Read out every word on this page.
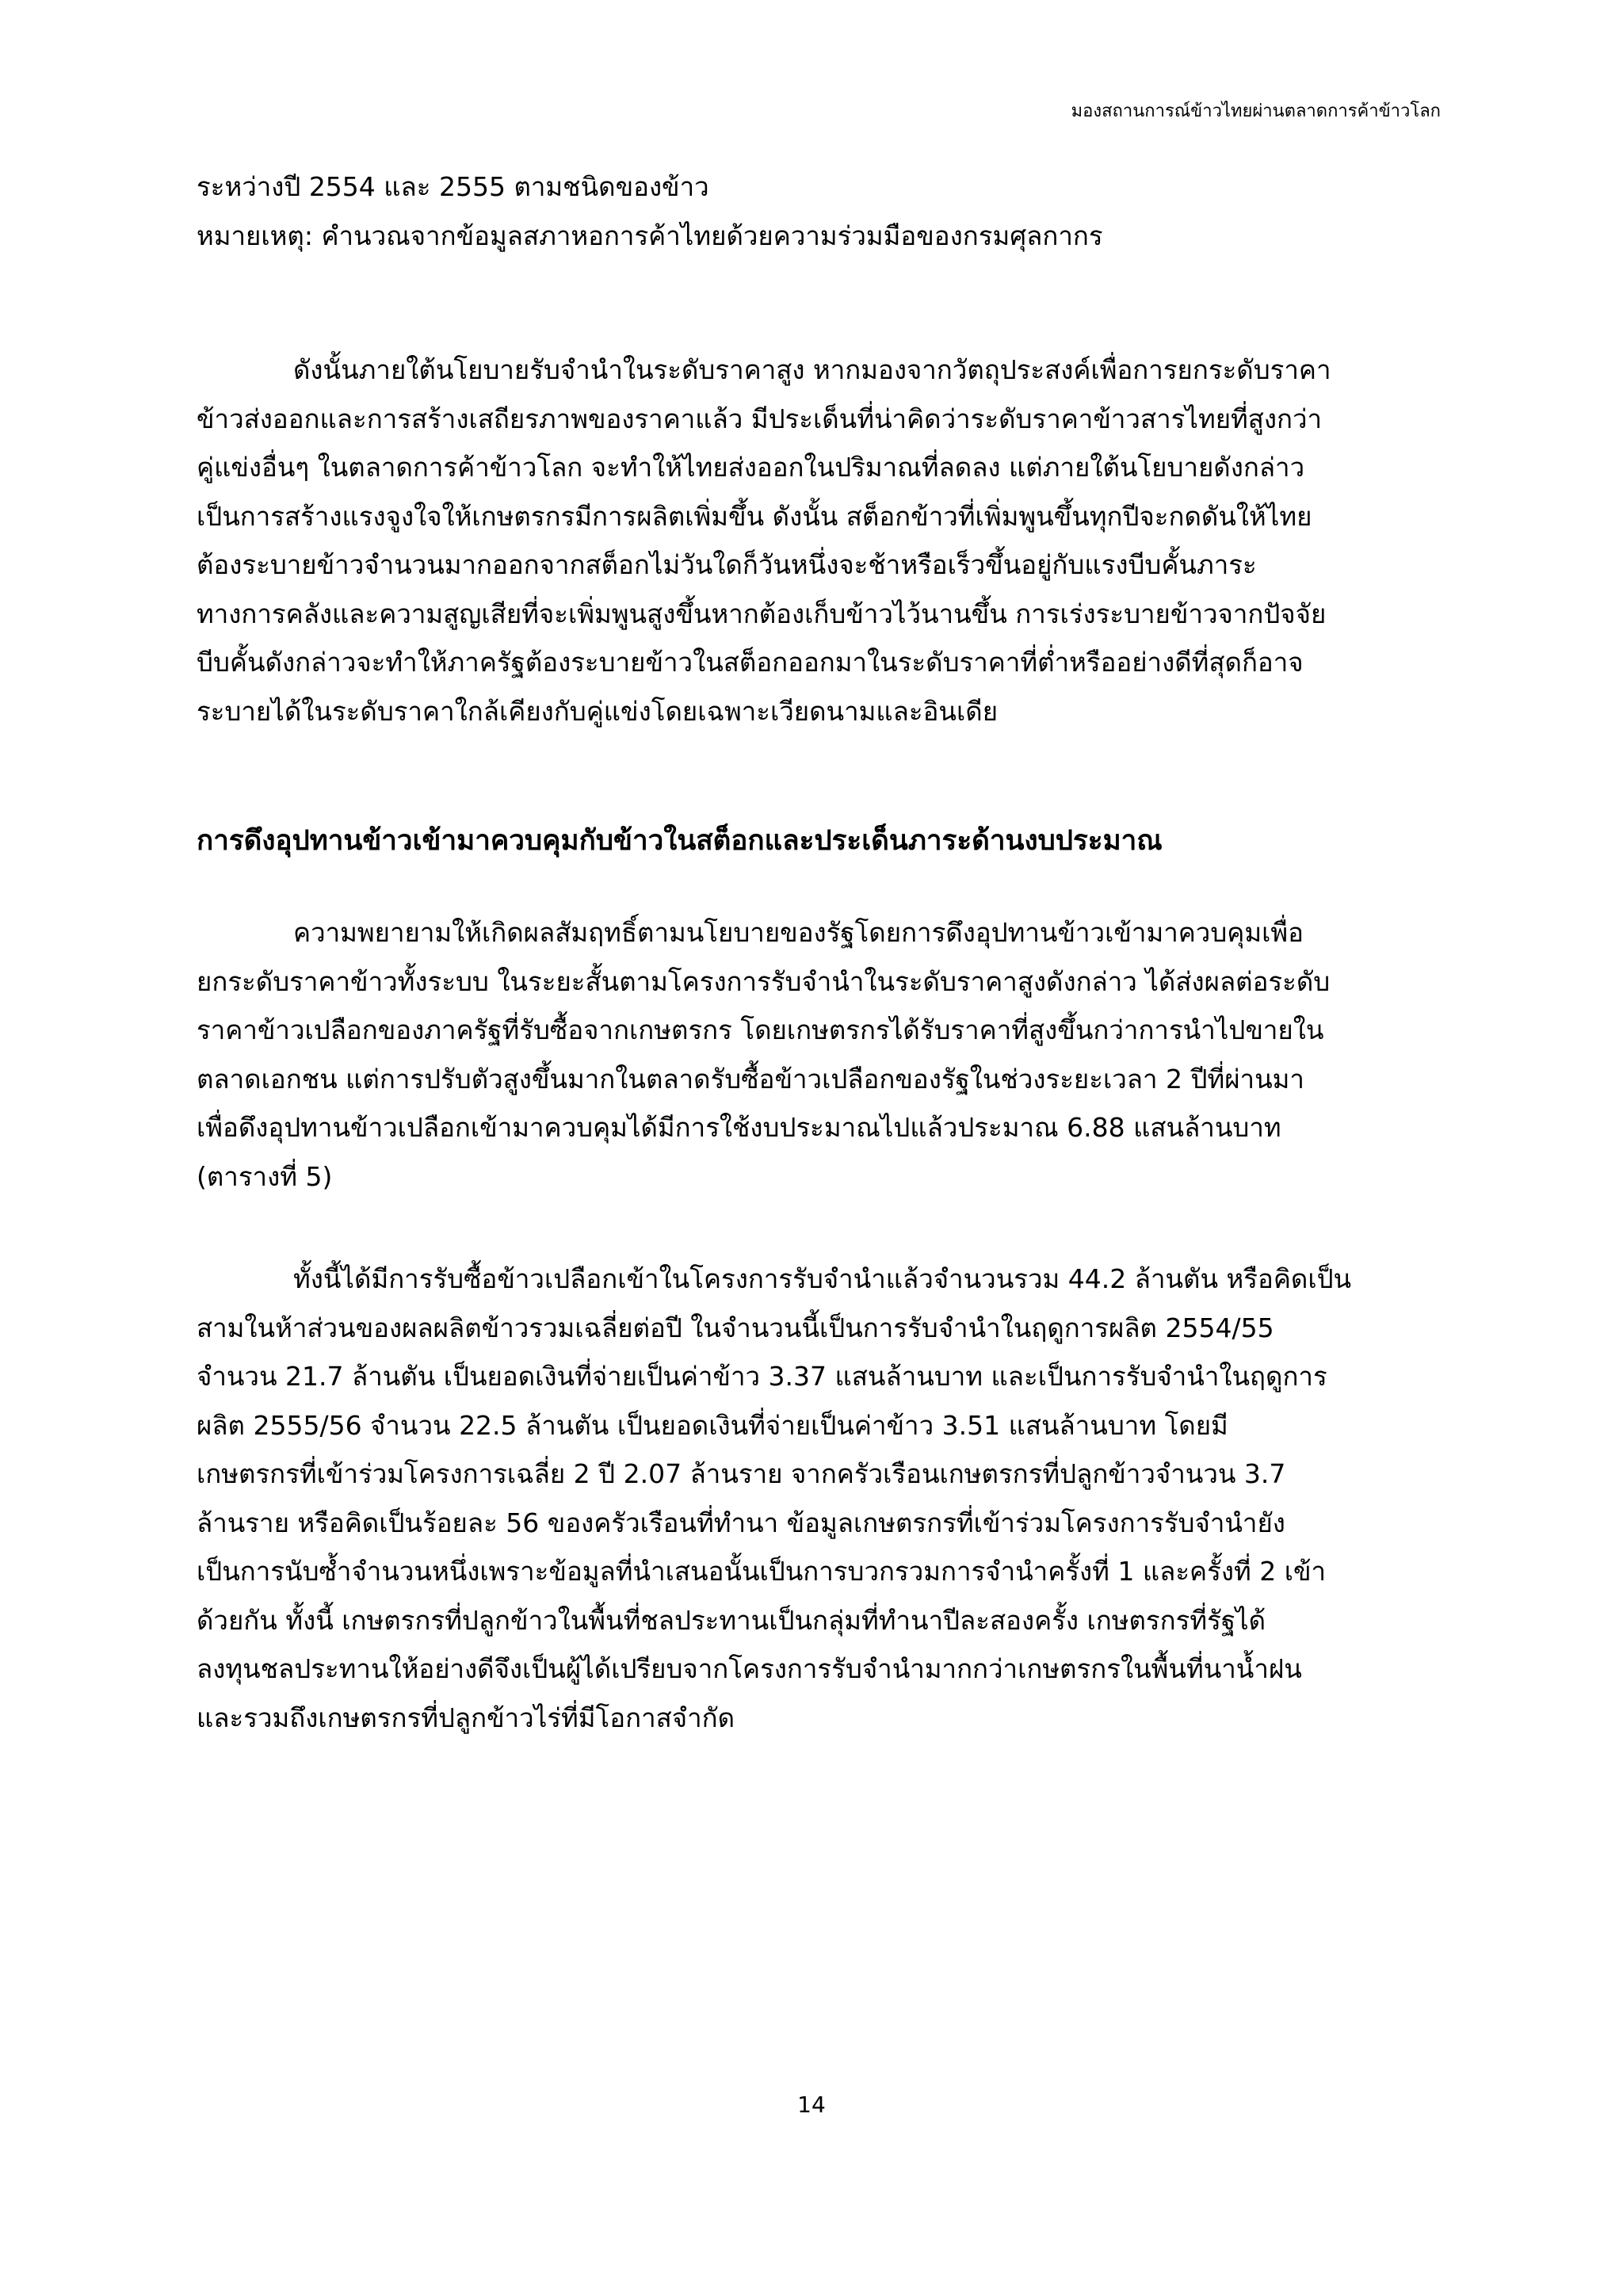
มองสถานการณ์ข้าวไทยผ่านตลาดการค้าข้าวโลก
ระหว่างปี 2554 และ 2555 ตามชนิดของข้าว
หมายเหตุ: คำนวณจากข้อมูลสภาหอการค้าไทยด้วยความร่วมมือของกรมศุลกากร
ดังนั้นภายใต้นโยบายรับจำนำในระดับราคาสูง หากมองจากวัตถุประสงค์เพื่อการยกระดับราคา
ข้าวส่งออกและการสร้างเสถียรภาพของราคาแล้ว มีประเด็นที่น่าคิดว่าระดับราคาข้าวสารไทยที่สูงกว่า
คู่แข่งอื่นๆ ในตลาดการค้าข้าวโลก จะทำให้ไทยส่งออกในปริมาณที่ลดลง แต่ภายใต้นโยบายดังกล่าว
เป็นการสร้างแรงจูงใจให้เกษตรกรมีการผลิตเพิ่มขึ้น ดังนั้น สต็อกข้าวที่เพิ่มพูนขึ้นทุกปีจะกดดันให้ไทย
ต้องระบายข้าวจำนวนมากออกจากสต็อกไม่วันใดก็วันหนึ่งจะช้าหรือเร็วขึ้นอยู่กับแรงบีบคั้นภาระ
ทางการคลังและความสูญเสียที่จะเพิ่มพูนสูงขึ้นหากต้องเก็บข้าวไว้นานขึ้น การเร่งระบายข้าวจากปัจจัย
บีบคั้นดังกล่าวจะทำให้ภาครัฐต้องระบายข้าวในสต็อกออกมาในระดับราคาที่ต่ำหรืออย่างดีที่สุดก็อาจ
ระบายได้ในระดับราคาใกล้เคียงกับคู่แข่งโดยเฉพาะเวียดนามและอินเดีย
การดึงอุปทานข้าวเข้ามาควบคุมกับข้าวในสต็อกและประเด็นภาระด้านงบประมาณ
ความพยายามให้เกิดผลสัมฤทธิ์ตามนโยบายของรัฐโดยการดึงอุปทานข้าวเข้ามาควบคุมเพื่อ
ยกระดับราคาข้าวทั้งระบบ ในระยะสั้นตามโครงการรับจำนำในระดับราคาสูงดังกล่าว ได้ส่งผลต่อระดับ
ราคาข้าวเปลือกของภาครัฐที่รับซื้อจากเกษตรกร โดยเกษตรกรได้รับราคาที่สูงขึ้นกว่าการนำไปขายใน
ตลาดเอกชน แต่การปรับตัวสูงขึ้นมากในตลาดรับซื้อข้าวเปลือกของรัฐในช่วงระยะเวลา 2 ปีที่ผ่านมา
เพื่อดึงอุปทานข้าวเปลือกเข้ามาควบคุมได้มีการใช้งบประมาณไปแล้วประมาณ 6.88 แสนล้านบาท
(ตารางที่ 5)
ทั้งนี้ได้มีการรับซื้อข้าวเปลือกเข้าในโครงการรับจำนำแล้วจำนวนรวม 44.2 ล้านตัน หรือคิดเป็น
สามในห้าส่วนของผลผลิตข้าวรวมเฉลี่ยต่อปี ในจำนวนนี้เป็นการรับจำนำในฤดูการผลิต 2554/55
จำนวน 21.7 ล้านตัน เป็นยอดเงินที่จ่ายเป็นค่าข้าว 3.37 แสนล้านบาท และเป็นการรับจำนำในฤดูการ
ผลิต 2555/56 จำนวน 22.5 ล้านตัน เป็นยอดเงินที่จ่ายเป็นค่าข้าว 3.51 แสนล้านบาท โดยมี
เกษตรกรที่เข้าร่วมโครงการเฉลี่ย 2 ปี 2.07 ล้านราย จากครัวเรือนเกษตรกรที่ปลูกข้าวจำนวน 3.7
ล้านราย หรือคิดเป็นร้อยละ 56 ของครัวเรือนที่ทำนา ข้อมูลเกษตรกรที่เข้าร่วมโครงการรับจำนำยัง
เป็นการนับซ้ำจำนวนหนึ่งเพราะข้อมูลที่นำเสนอนั้นเป็นการบวกรวมการจำนำครั้งที่ 1 และครั้งที่ 2 เข้า
ด้วยกัน ทั้งนี้ เกษตรกรที่ปลูกข้าวในพื้นที่ชลประทานเป็นกลุ่มที่ทำนาปีละสองครั้ง เกษตรกรที่รัฐได้
ลงทุนชลประทานให้อย่างดีจึงเป็นผู้ได้เปรียบจากโครงการรับจำนำมากกว่าเกษตรกรในพื้นที่นาน้ำฝน
และรวมถึงเกษตรกรที่ปลูกข้าวไร่ที่มีโอกาสจำกัด
14
